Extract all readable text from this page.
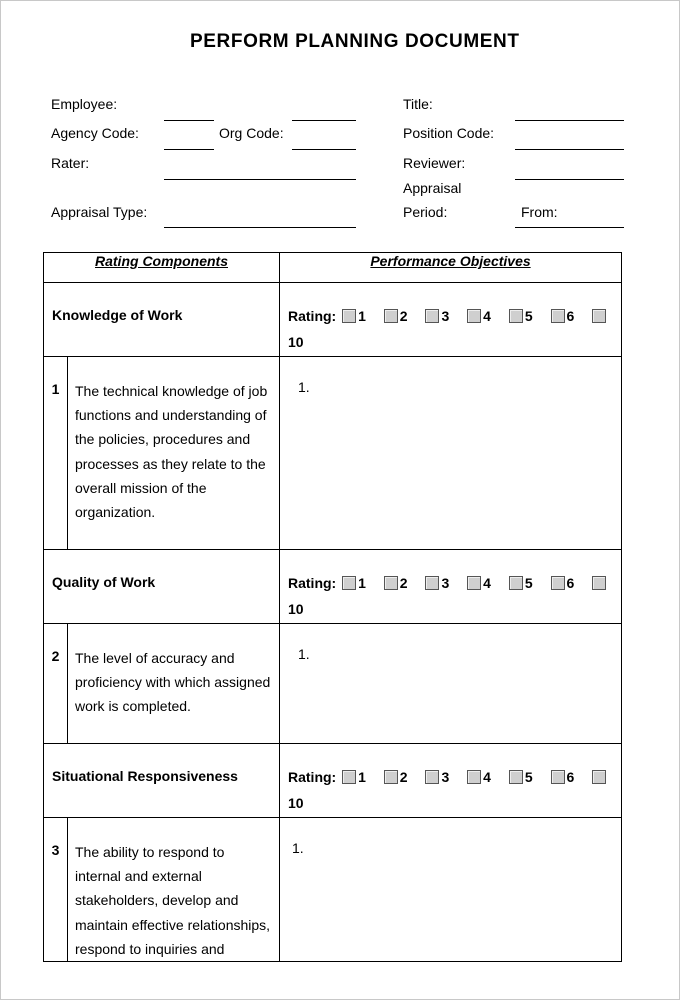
PERFORM PLANNING DOCUMENT
Employee:
Agency Code:	Org Code:
Rater:
Appraisal Type:
Title:
Position Code:
Reviewer:
Appraisal
Period:	From:
Rating Components		Performance Objectives
Knowledge of Work		Rating: 1 2 3 4 5 6 10

1	The technical knowledge of job functions and understanding of the policies, procedures and processes as they relate to the overall mission of the organization.	1.
Quality of Work		Rating: 1 2 3 4 5 6 10

2	The level of accuracy and proficiency with which assigned work is completed.	1.
Situational Responsiveness		Rating: 1 2 3 4 5 6 10

3	The ability to respond to internal and external stakeholders, develop and maintain effective relationships, respond to inquiries and	1.
